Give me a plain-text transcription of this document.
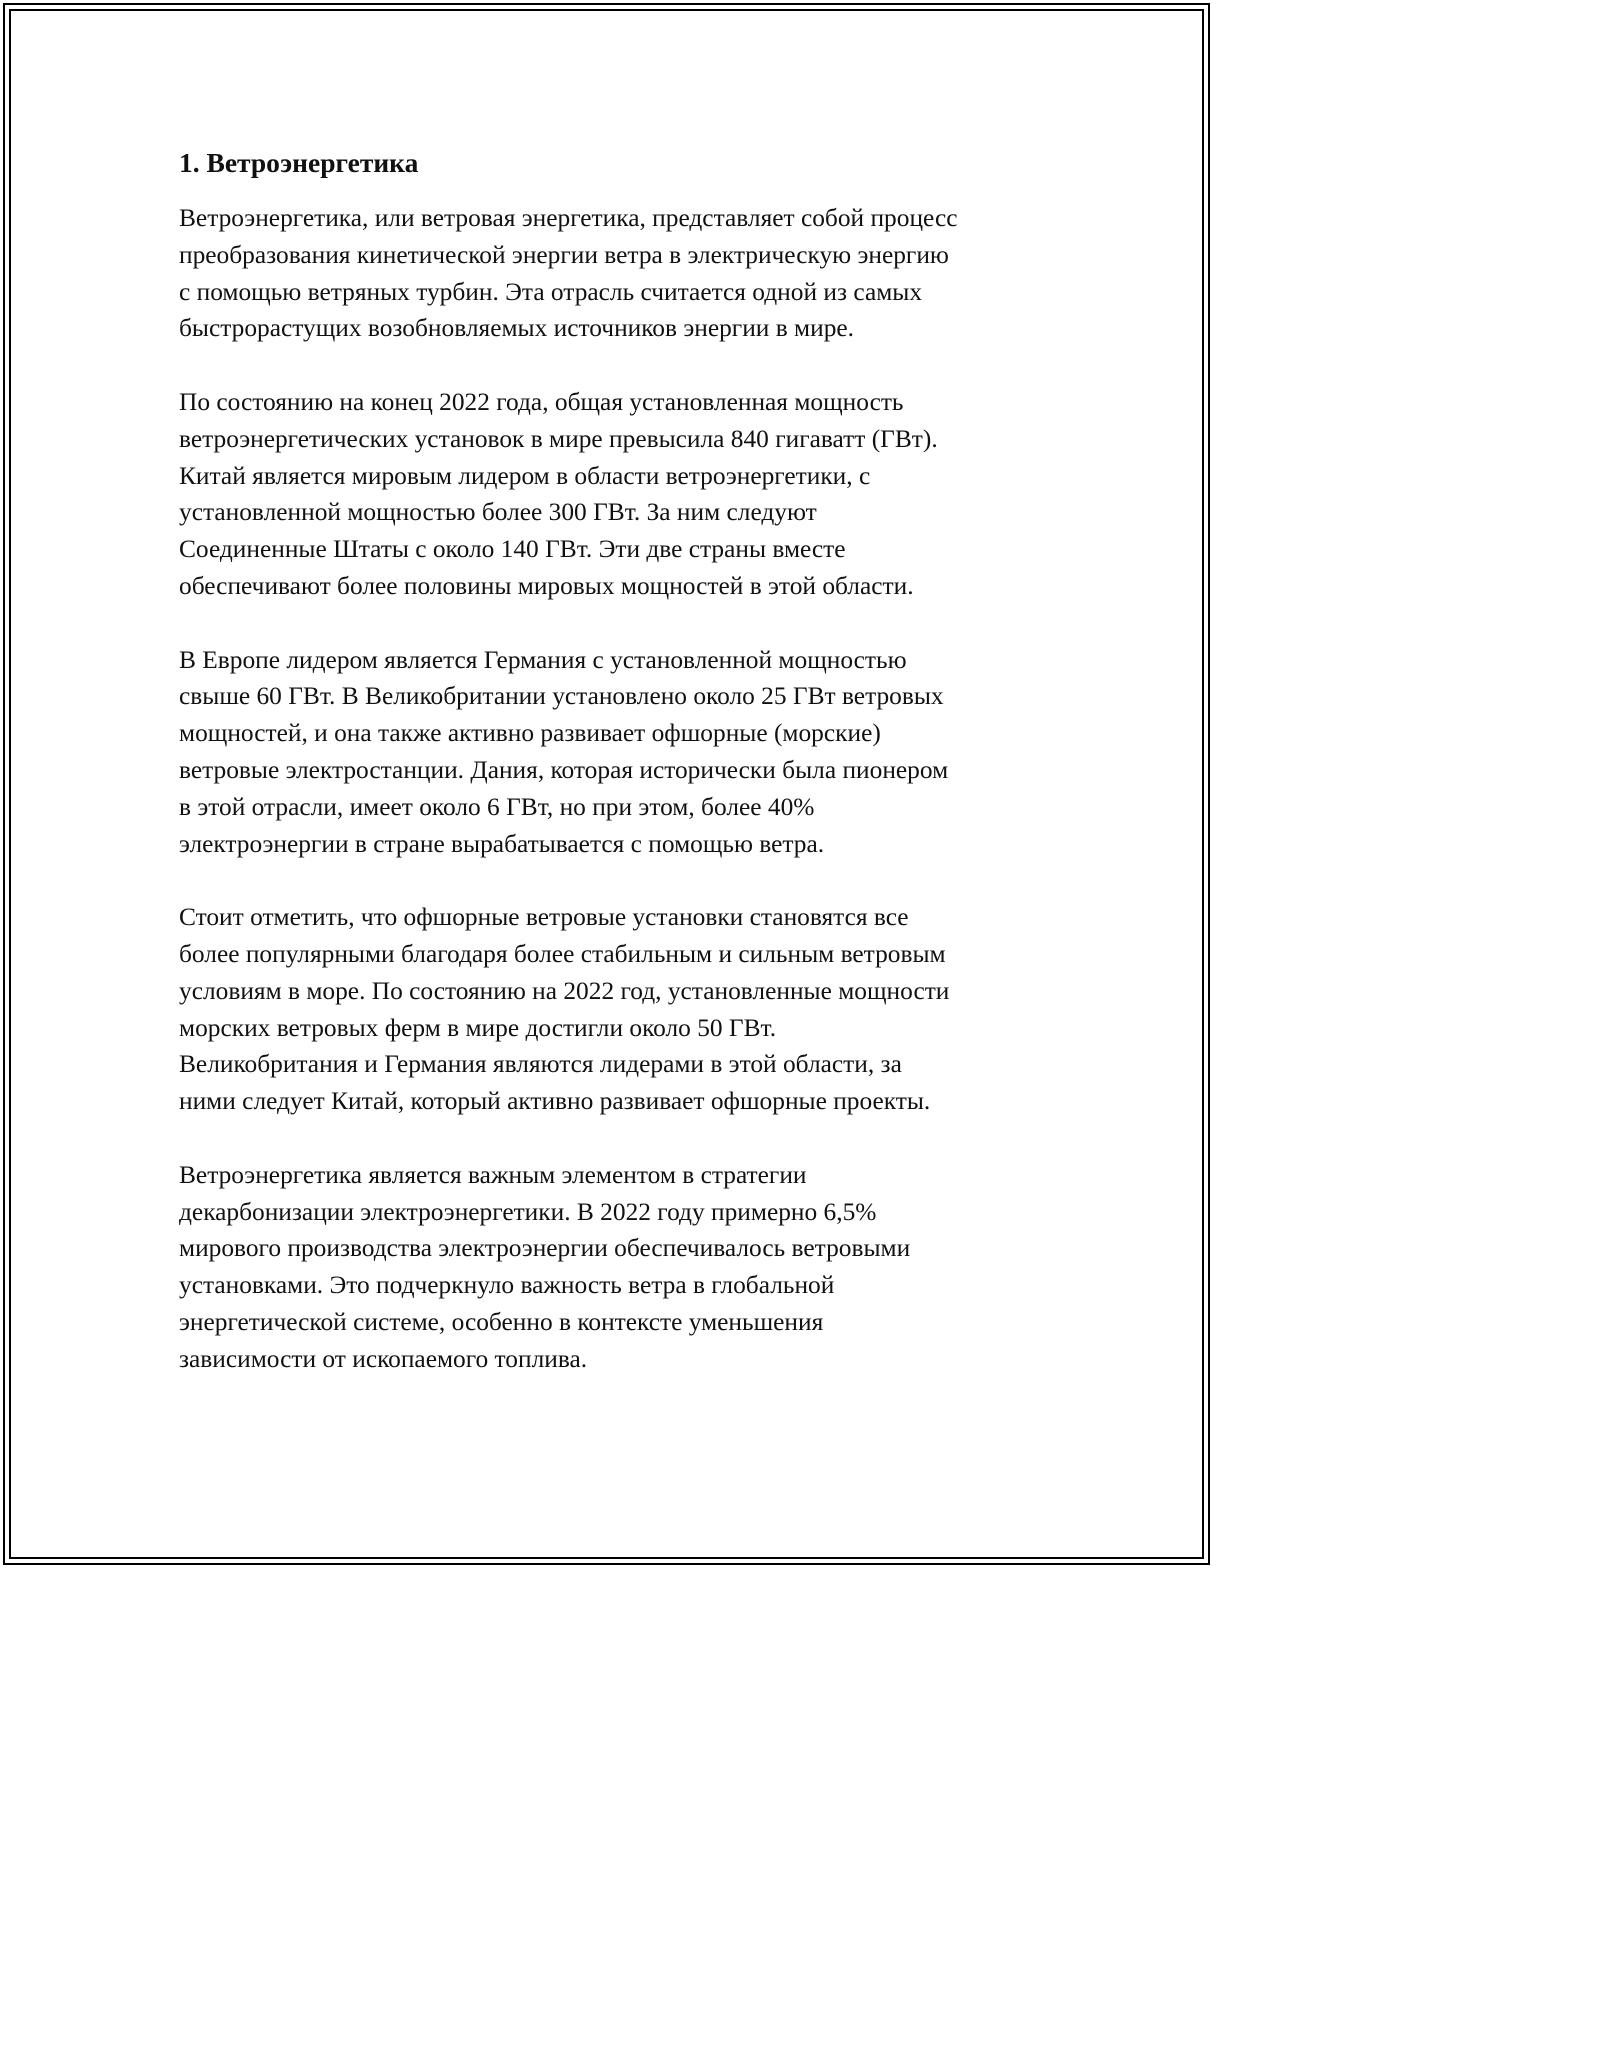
1. Ветроэнергетика

Ветроэнергетика, или ветровая энергетика, представляет собой процесс
преобразования кинетической энергии ветра в электрическую энергию
с помощью ветряных турбин. Эта отрасль считается одной из самых
быстрорастущих возобновляемых источников энергии в мире.

По состоянию на конец 2022 года, общая установленная мощность
ветроэнергетических установок в мире превысила 840 гигаватт (ГВт).
Китай является мировым лидером в области ветроэнергетики, с
установленной мощностью более 300 ГВт. За ним следуют
Соединенные Штаты с около 140 ГВт. Эти две страны вместе
обеспечивают более половины мировых мощностей в этой области.

В Европе лидером является Германия с установленной мощностью
свыше 60 ГВт. В Великобритании установлено около 25 ГВт ветровых
мощностей, и она также активно развивает офшорные (морские)
ветровые электростанции. Дания, которая исторически была пионером
в этой отрасли, имеет около 6 ГВт, но при этом, более 40%
электроэнергии в стране вырабатывается с помощью ветра.

Стоит отметить, что офшорные ветровые установки становятся все
более популярными благодаря более стабильным и сильным ветровым
условиям в море. По состоянию на 2022 год, установленные мощности
морских ветровых ферм в мире достигли около 50 ГВт.
Великобритания и Германия являются лидерами в этой области, за
ними следует Китай, который активно развивает офшорные проекты.

Ветроэнергетика является важным элементом в стратегии
декарбонизации электроэнергетики. В 2022 году примерно 6,5%
мирового производства электроэнергии обеспечивалось ветровыми
установками. Это подчеркнуло важность ветра в глобальной
энергетической системе, особенно в контексте уменьшения
зависимости от ископаемого топлива.
